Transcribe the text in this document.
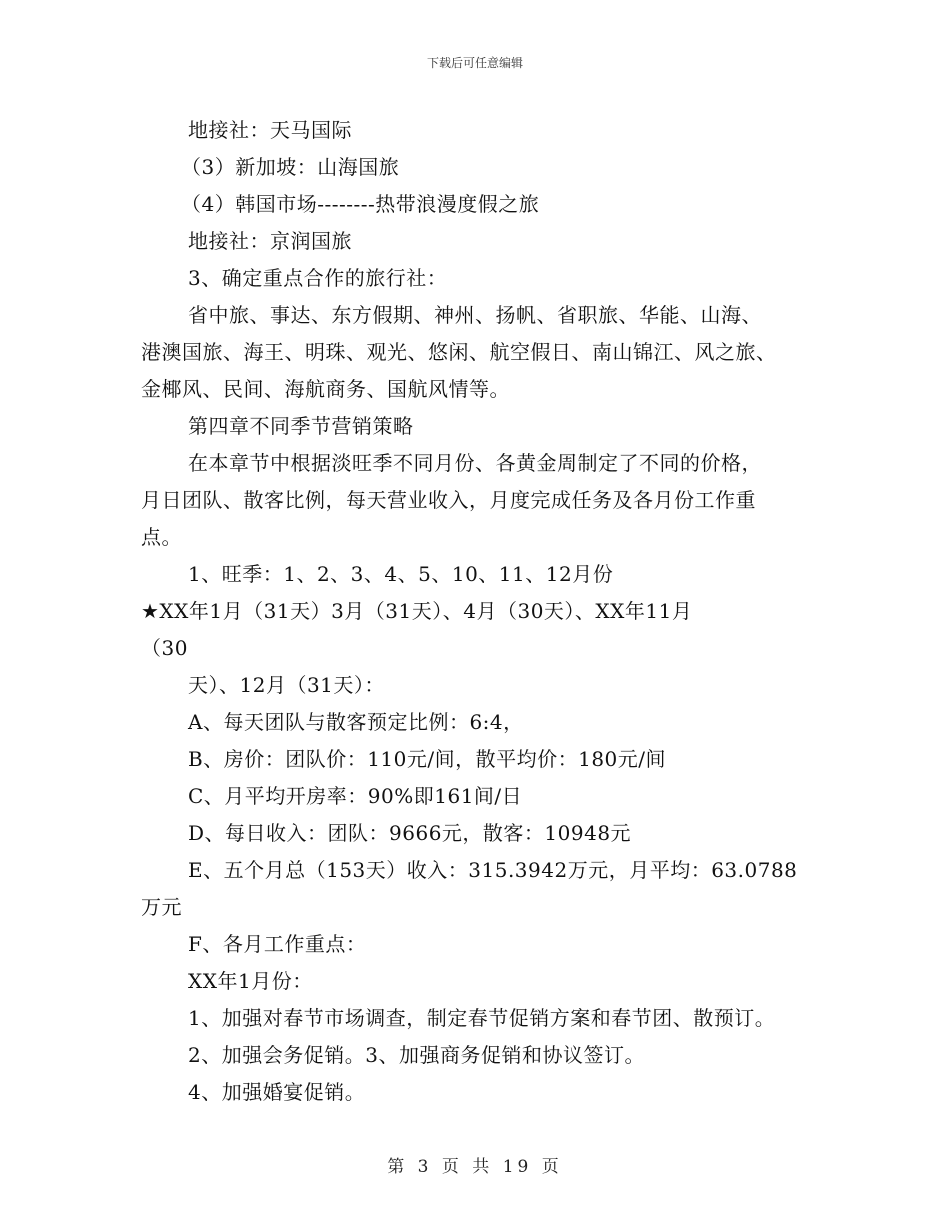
下载后可任意编辑
地接社：天马国际
（3）新加坡：山海国旅
（4）韩国市场--------热带浪漫度假之旅
地接社：京润国旅
3、确定重点合作的旅行社：
省中旅、事达、东方假期、神州、扬帆、省职旅、华能、山海、
港澳国旅、海王、明珠、观光、悠闲、航空假日、南山锦江、风之旅、
金椰风、民间、海航商务、国航风情等。
第四章不同季节营销策略
在本章节中根据淡旺季不同月份、各黄金周制定了不同的价格，
月日团队、散客比例，每天营业收入，月度完成任务及各月份工作重
点。
1、旺季：1、2、3、4、5、10、11、12月份
★XX年1月（31天）3月（31天）、4月（30天）、XX年11月
（30
天）、12月（31天）：
A、每天团队与散客预定比例：6:4，
B、房价：团队价：110元/间，散平均价：180元/间
C、月平均开房率：90%即161间/日
D、每日收入：团队：9666元，散客：10948元
E、五个月总（153天）收入：315.3942万元，月平均：63.0788
万元
F、各月工作重点：
XX年1月份：
1、加强对春节市场调查，制定春节促销方案和春节团、散预订。
2、加强会务促销。3、加强商务促销和协议签订。
4、加强婚宴促销。
第 3 页 共 19 页
